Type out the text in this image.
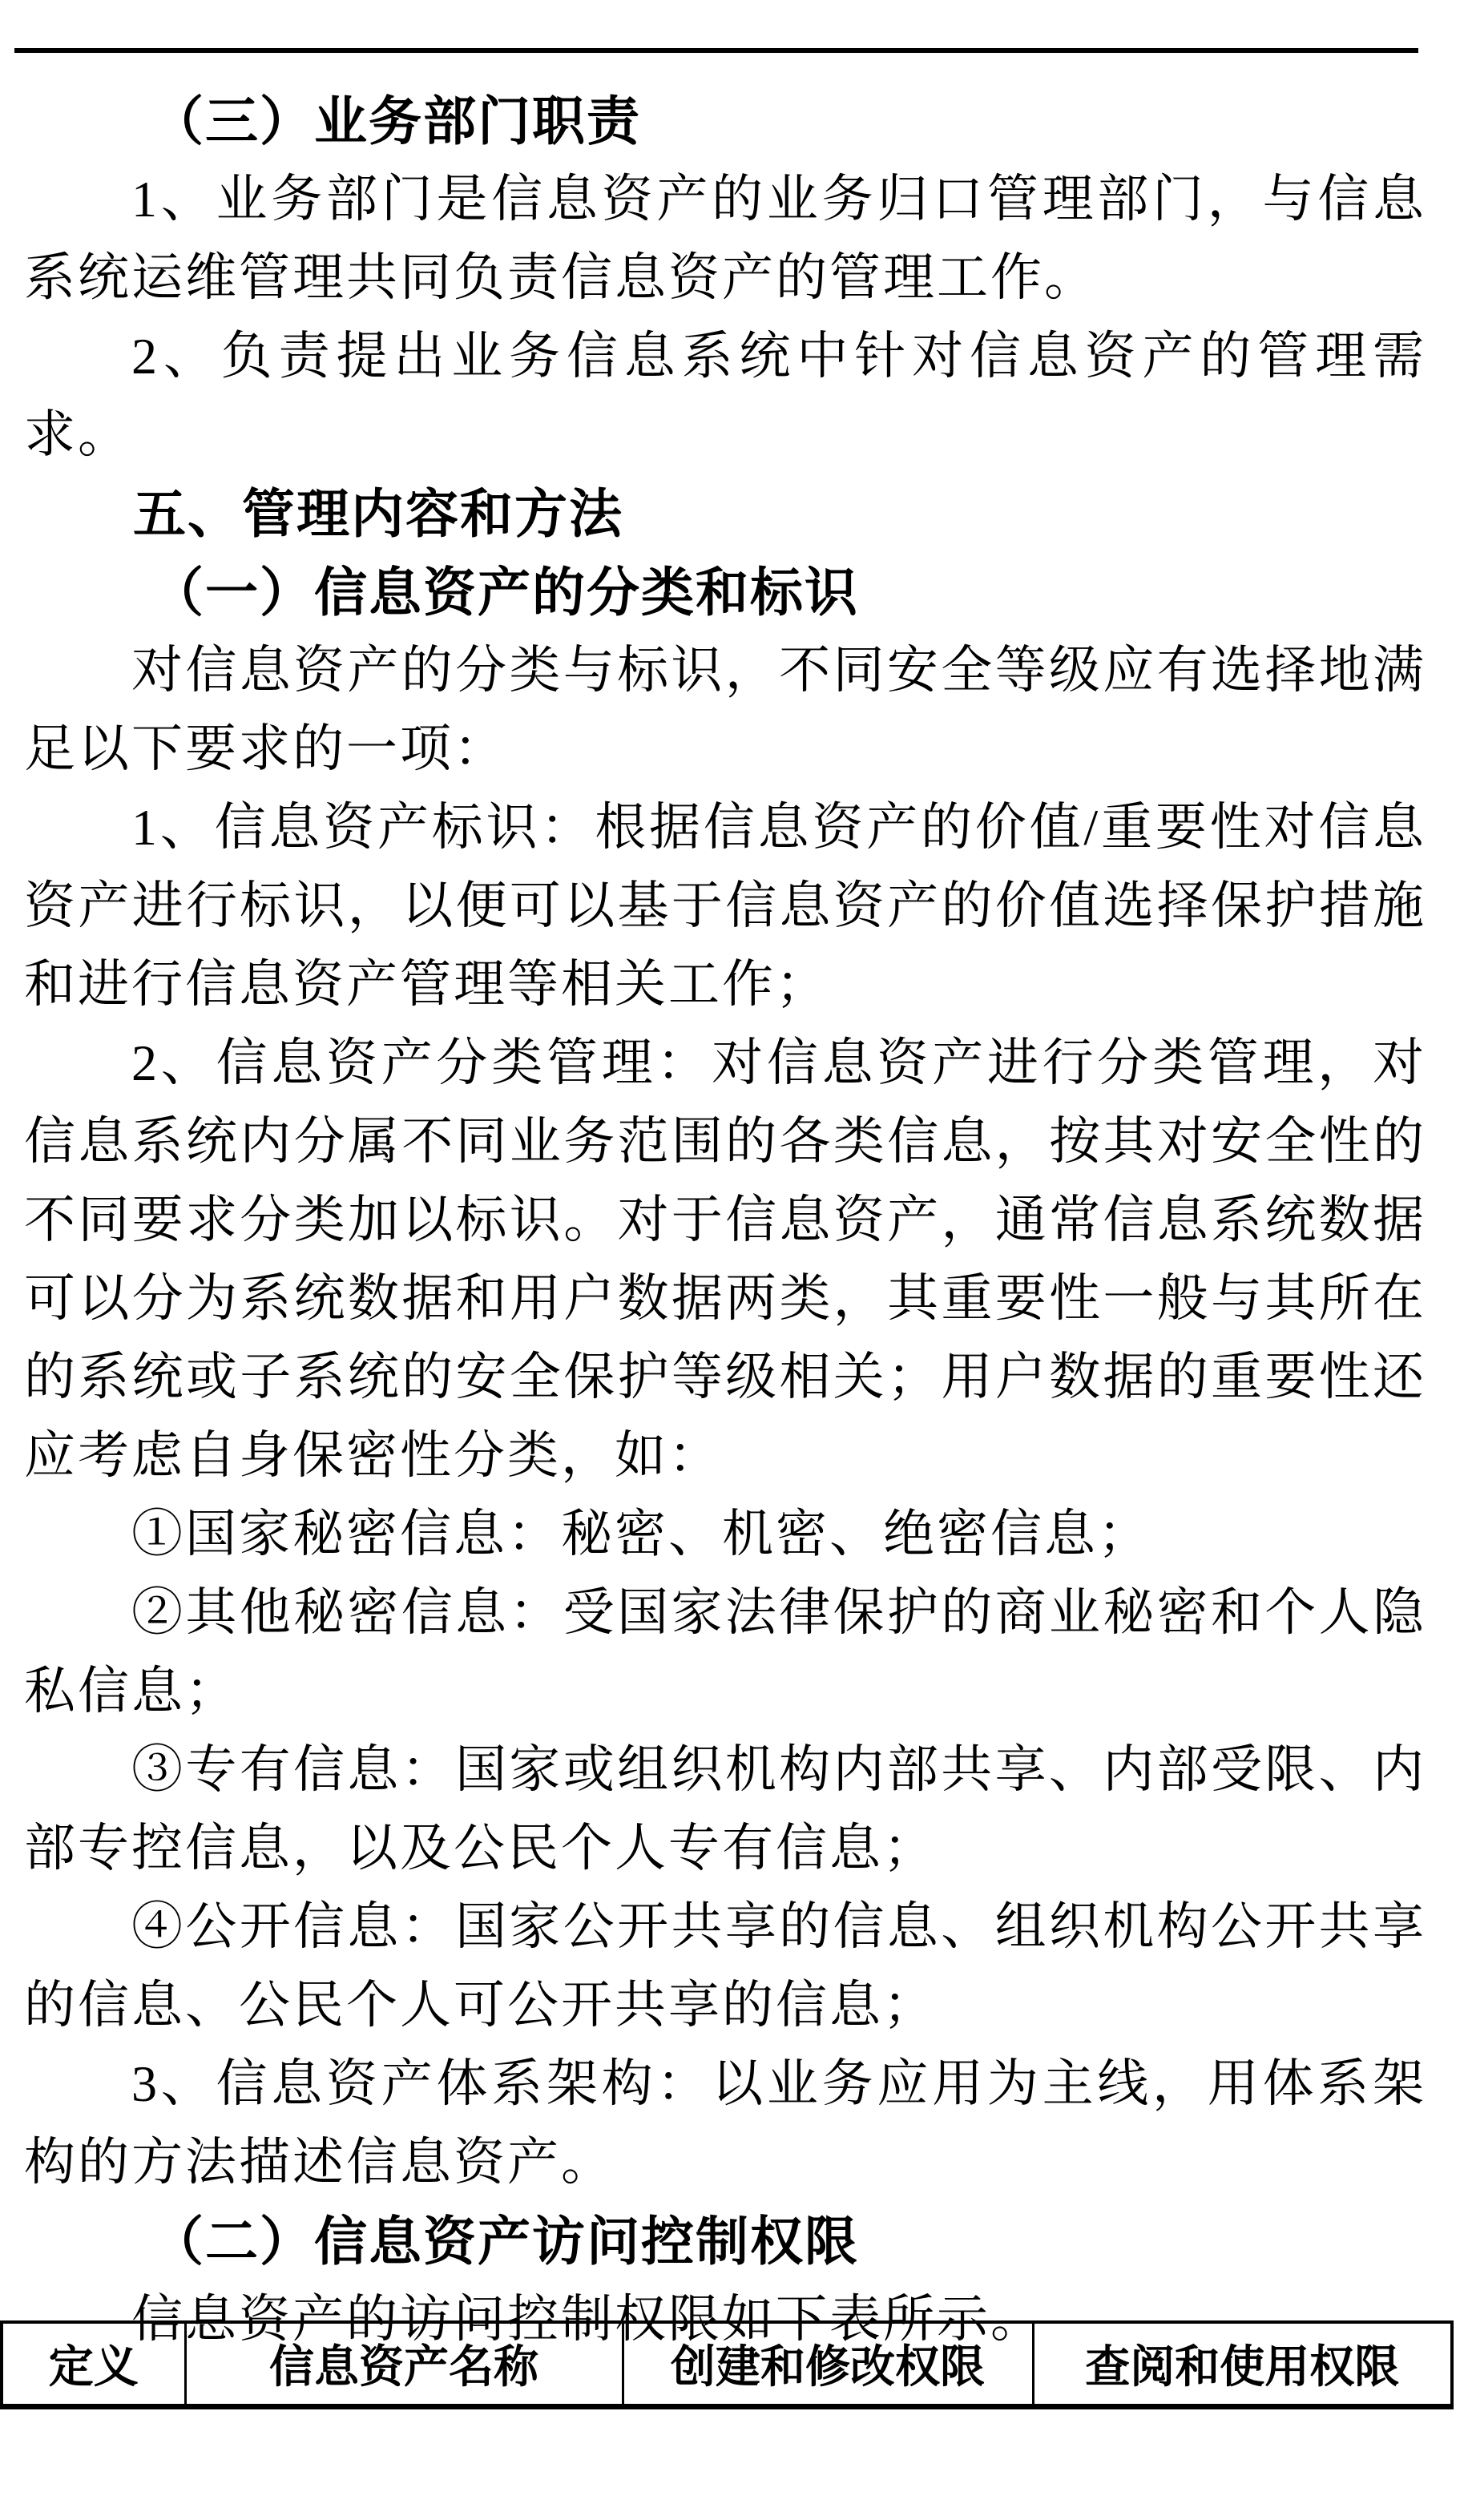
（三）业务部门职责

1、业务部门是信息资产的业务归口管理部门，与信息系统运维管理共同负责信息资产的管理工作。

2、负责提出业务信息系统中针对信息资产的管理需求。

五、管理内容和方法

（一）信息资产的分类和标识

对信息资产的分类与标识，不同安全等级应有选择地满足以下要求的一项：

1、信息资产标识：根据信息资产的价值/重要性对信息资产进行标识，以便可以基于信息资产的价值选择保护措施和进行信息资产管理等相关工作；

2、信息资产分类管理：对信息资产进行分类管理，对信息系统内分属不同业务范围的各类信息，按其对安全性的不同要求分类加以标识。对于信息资产，通常信息系统数据可以分为系统数据和用户数据两类，其重要性一般与其所在的系统或子系统的安全保护等级相关；用户数据的重要性还应考虑自身保密性分类，如：

①国家秘密信息：秘密、机密、绝密信息；

②其他秘密信息：受国家法律保护的商业秘密和个人隐私信息；

③专有信息：国家或组织机构内部共享、内部受限、内部专控信息，以及公民个人专有信息；

④公开信息：国家公开共享的信息、组织机构公开共享的信息、公民个人可公开共享的信息；

3、信息资产体系架构：以业务应用为主线，用体系架构的方法描述信息资产。

（二）信息资产访问控制权限

信息资产的访问控制权限如下表所示。

定义	信息资产名称	创建和修改权限	查阅和使用权限
